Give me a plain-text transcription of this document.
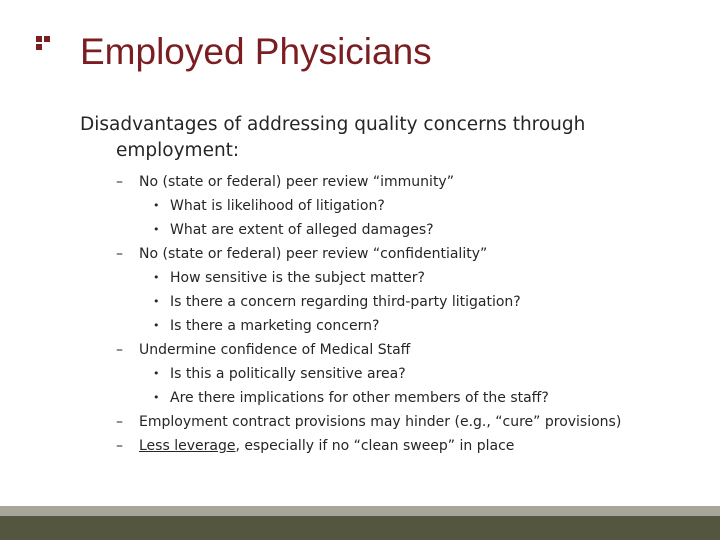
Employed Physicians

Disadvantages of addressing quality concerns through
employment:

– No (state or federal) peer review “immunity”
• What is likelihood of litigation?
• What are extent of alleged damages?
– No (state or federal) peer review “confidentiality”
• How sensitive is the subject matter?
• Is there a concern regarding third-party litigation?
• Is there a marketing concern?
– Undermine confidence of Medical Staff
• Is this a politically sensitive area?
• Are there implications for other members of the staff?
– Employment contract provisions may hinder (e.g., “cure” provisions)
– Less leverage, especially if no “clean sweep” in place
